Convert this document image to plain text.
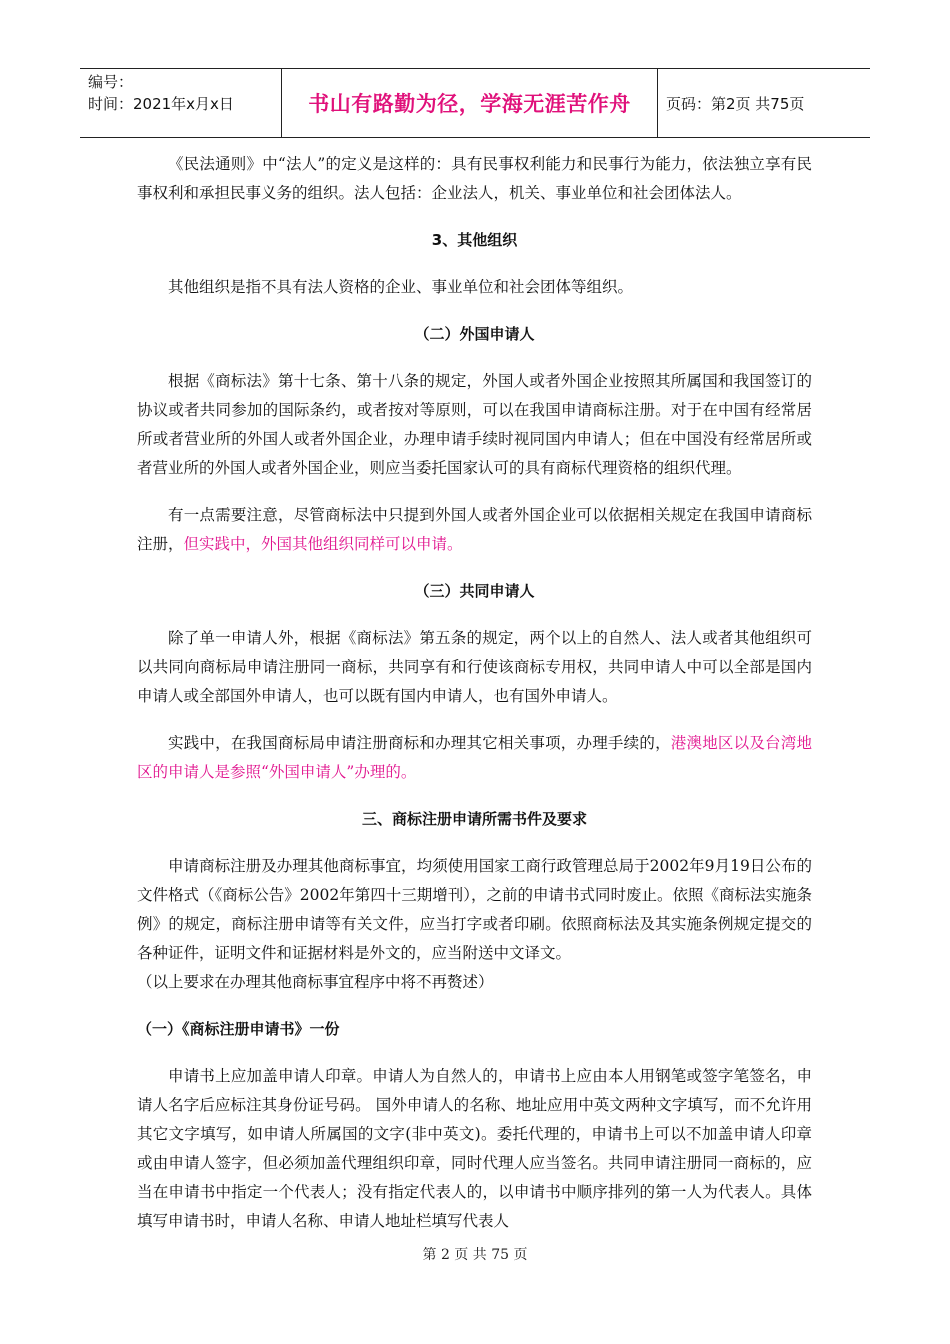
编号：
时间：2021年x月x日	书山有路勤为径，学海无涯苦作舟	页码：第2页 共75页

《民法通则》中“法人”的定义是这样的：具有民事权利能力和民事行为能力，依法独立享有民事权利和承担民事义务的组织。法人包括：企业法人，机关、事业单位和社会团体法人。

3、其他组织

其他组织是指不具有法人资格的企业、事业单位和社会团体等组织。

（二）外国申请人

根据《商标法》第十七条、第十八条的规定，外国人或者外国企业按照其所属国和我国签订的协议或者共同参加的国际条约，或者按对等原则，可以在我国申请商标注册。对于在中国有经常居所或者营业所的外国人或者外国企业，办理申请手续时视同国内申请人；但在中国没有经常居所或者营业所的外国人或者外国企业，则应当委托国家认可的具有商标代理资格的组织代理。

有一点需要注意，尽管商标法中只提到外国人或者外国企业可以依据相关规定在我国申请商标注册，但实践中，外国其他组织同样可以申请。

（三）共同申请人

除了单一申请人外，根据《商标法》第五条的规定，两个以上的自然人、法人或者其他组织可以共同向商标局申请注册同一商标，共同享有和行使该商标专用权，共同申请人中可以全部是国内申请人或全部国外申请人，也可以既有国内申请人，也有国外申请人。

实践中，在我国商标局申请注册商标和办理其它相关事项，办理手续的，港澳地区以及台湾地区的申请人是参照“外国申请人”办理的。

三、商标注册申请所需书件及要求

申请商标注册及办理其他商标事宜，均须使用国家工商行政管理总局于2002年9月19日公布的文件格式（《商标公告》2002年第四十三期增刊），之前的申请书式同时废止。依照《商标法实施条例》的规定，商标注册申请等有关文件，应当打字或者印刷。依照商标法及其实施条例规定提交的各种证件，证明文件和证据材料是外文的，应当附送中文译文。

（以上要求在办理其他商标事宜程序中将不再赘述）

（一）《商标注册申请书》一份

申请书上应加盖申请人印章。申请人为自然人的，申请书上应由本人用钢笔或签字笔签名，申请人名字后应标注其身份证号码。 国外申请人的名称、地址应用中英文两种文字填写，而不允许用其它文字填写，如申请人所属国的文字(非中英文)。委托代理的，申请书上可以不加盖申请人印章或由申请人签字，但必须加盖代理组织印章，同时代理人应当签名。共同申请注册同一商标的，应当在申请书中指定一个代表人；没有指定代表人的，以申请书中顺序排列的第一人为代表人。具体填写申请书时，申请人名称、申请人地址栏填写代表人

第 2 页 共 75 页
